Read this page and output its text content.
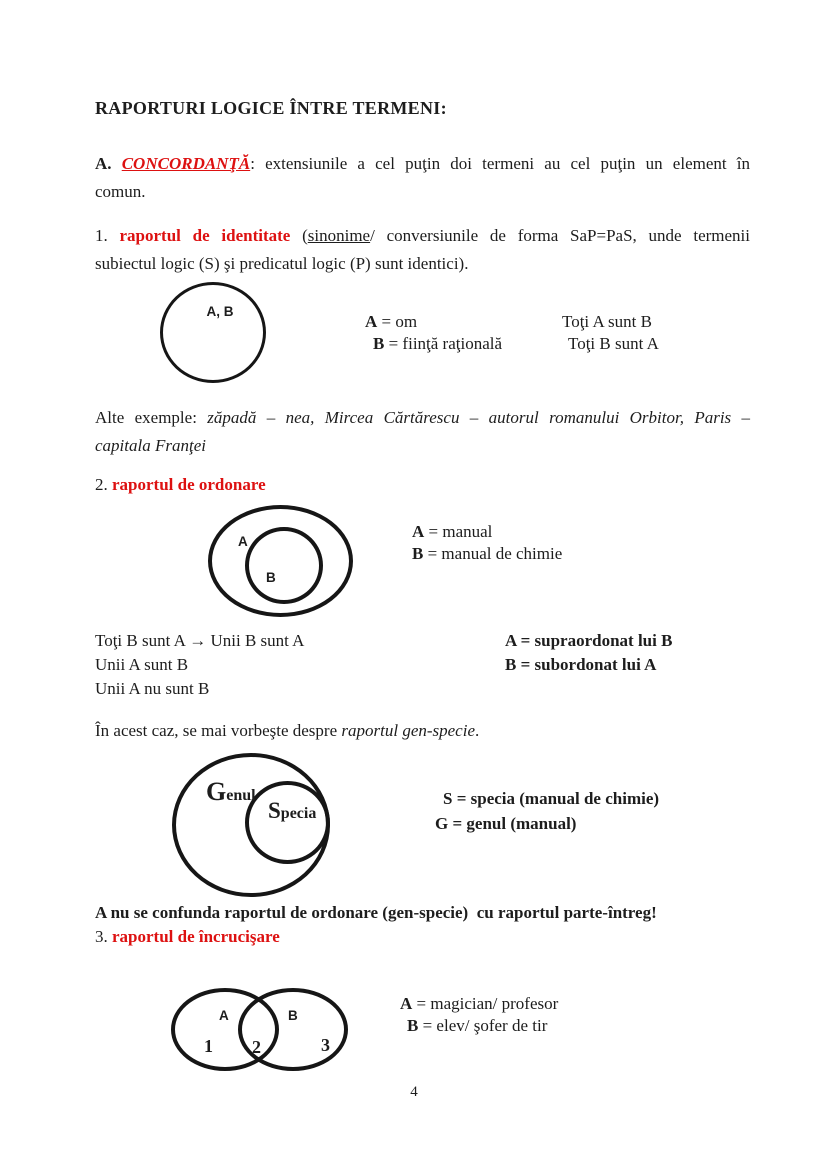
RAPORTURI LOGICE ÎNTRE TERMENI:
A. CONCORDANŢĂ: extensiunile a cel puţin doi termeni au cel puţin un element în
comun.
1. raportul de identitate (sinonime/ conversiunile de forma SaP=PaS, unde termenii
subiectul logic (S) şi predicatul logic (P) sunt identici).
A, B
A = om
B = fiinţă raţională
Toţi A sunt B
Toţi B sunt A
Alte exemple: zăpadă – nea, Mircea Cărtărescu – autorul romanului Orbitor, Paris –
capitala Franţei
2. raportul de ordonare
A
B
A = manual
B = manual de chimie
Toţi B sunt A → Unii B sunt A
Unii A sunt B
Unii A nu sunt B
A = supraordonat lui B
B = subordonat lui A
În acest caz, se mai vorbeşte despre raportul gen-specie.
Genul
Specia
S = specia (manual de chimie)
G = genul (manual)
A nu se confunda raportul de ordonare (gen-specie)  cu raportul parte-întreg!
3. raportul de încrucişare
A	B
1 2	3
A = magician/ profesor
B = elev/ şofer de tir
4
